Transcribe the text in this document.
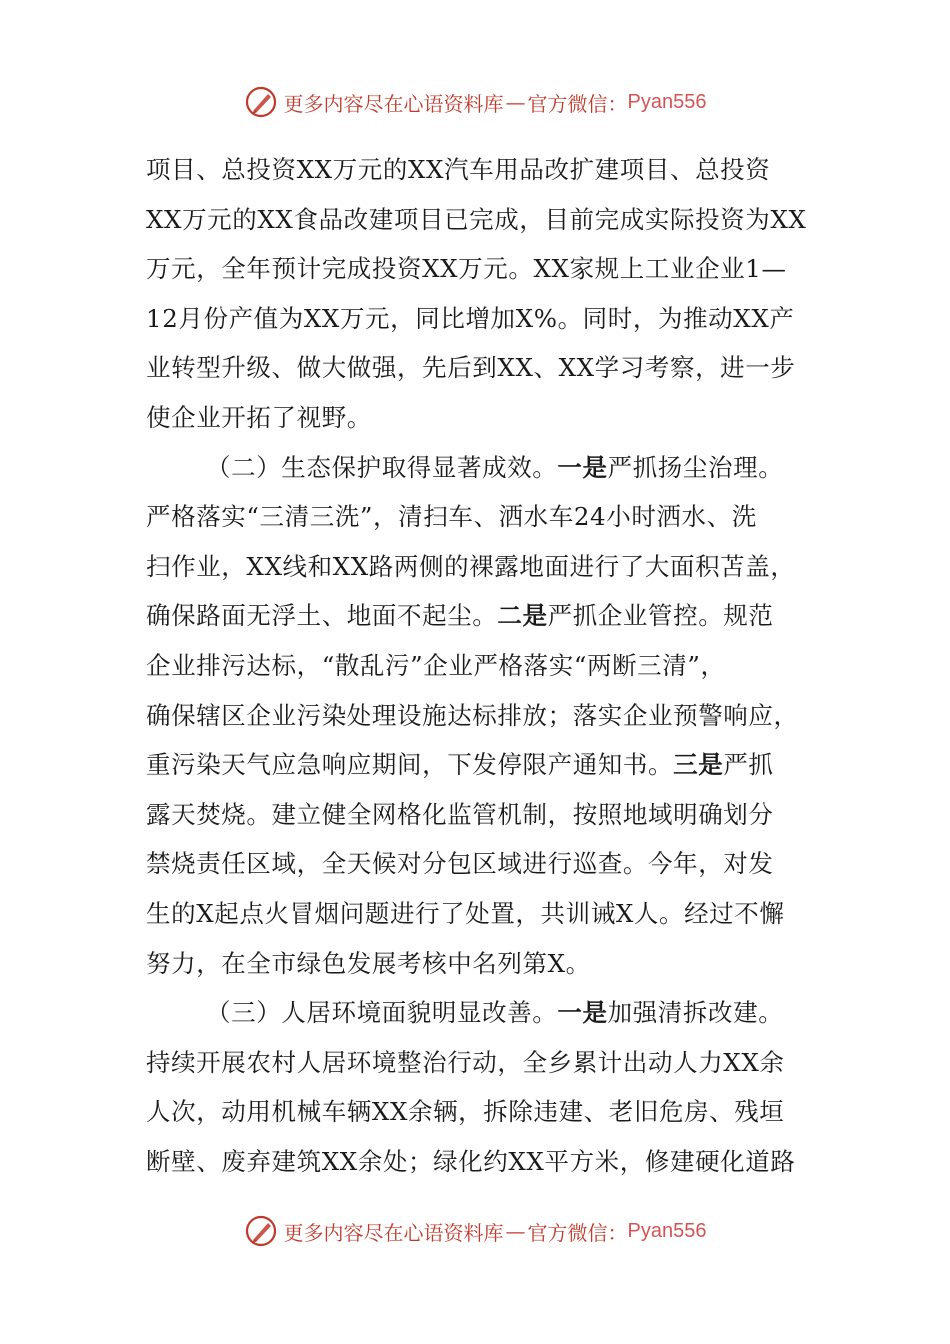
更多内容尽在心语资料库 — 官方微信： Pyan556
项目、总投资XX万元的XX汽车用品改扩建项目、总投资
XX万元的XX食品改建项目已完成，目前完成实际投资为XX
万元，全年预计完成投资XX万元。XX家规上工业企业1—
12月份产值为XX万元，同比增加X%。同时，为推动XX产
业转型升级、做大做强，先后到XX、XX学习考察，进一步
使企业开拓了视野。
（二）生态保护取得显著成效。一是严抓扬尘治理。
严格落实“三清三洗”，清扫车、洒水车24小时洒水、洗
扫作业，XX线和XX路两侧的裸露地面进行了大面积苫盖，
确保路面无浮土、地面不起尘。二是严抓企业管控。规范
企业排污达标，“散乱污”企业严格落实“两断三清”，
确保辖区企业污染处理设施达标排放；落实企业预警响应，
重污染天气应急响应期间，下发停限产通知书。三是严抓
露天焚烧。建立健全网格化监管机制，按照地域明确划分
禁烧责任区域，全天候对分包区域进行巡查。今年，对发
生的X起点火冒烟问题进行了处置，共训诫X人。经过不懈
努力，在全市绿色发展考核中名列第X。
（三）人居环境面貌明显改善。一是加强清拆改建。
持续开展农村人居环境整治行动，全乡累计出动人力XX余
人次，动用机械车辆XX余辆，拆除违建、老旧危房、残垣
断壁、废弃建筑XX余处；绿化约XX平方米，修建硬化道路
更多内容尽在心语资料库 — 官方微信： Pyan556
